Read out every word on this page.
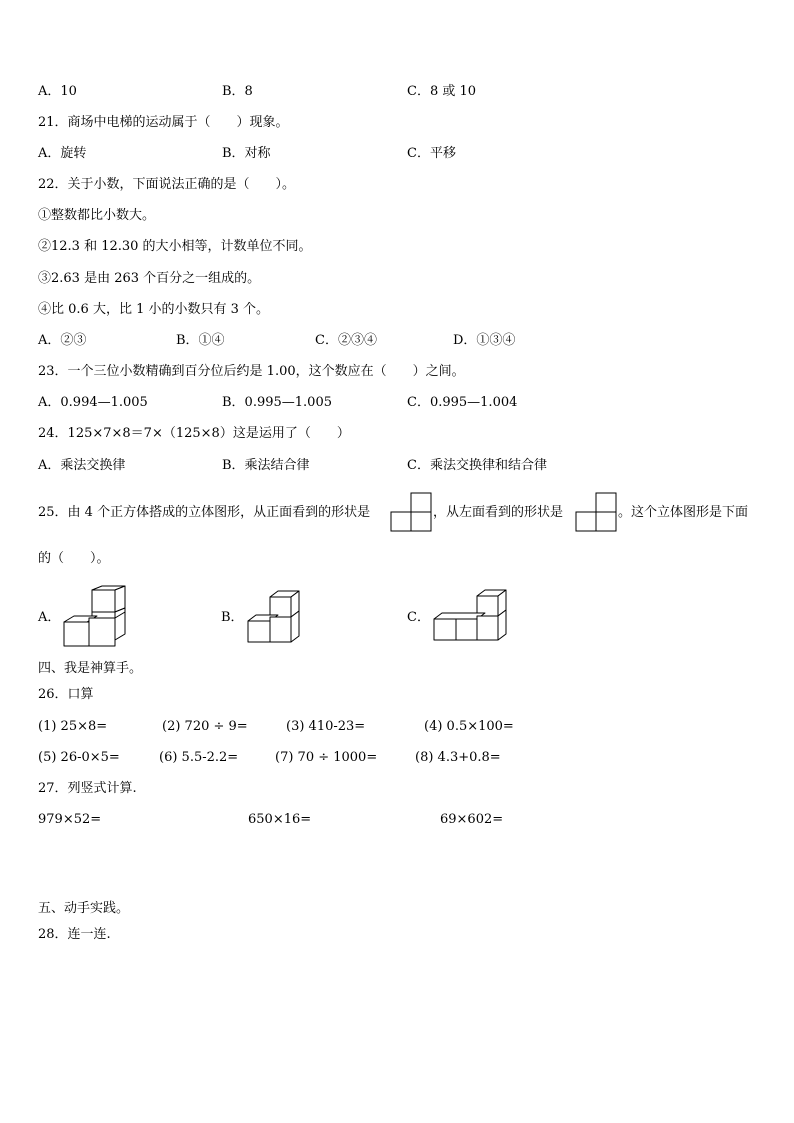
A．10	B．8	C．8 或 10
21．商场中电梯的运动属于（　　）现象。
A．旋转	B．对称	C．平移
22．关于小数，下面说法正确的是（　　）。
①整数都比小数大。
②12.3 和 12.30 的大小相等，计数单位不同。
③2.63 是由 263 个百分之一组成的。
④比 0.6 大，比 1 小的小数只有 3 个。
A．②③	B．①④	C．②③④	D．①③④
23．一个三位小数精确到百分位后约是 1.00，这个数应在（　　）之间。
A．0.994—1.005	B．0.995—1.005	C．0.995—1.004
24．125×7×8＝7×（125×8）这是运用了（　　）
A．乘法交换律	B．乘法结合律	C．乘法交换律和结合律
25．由 4 个正方体搭成的立体图形，从正面看到的形状是	，从左面看到的形状是	。这个立体图形是下面
的（　　）。
A．	B．	C．
四、我是神算手。
26．口算
(1) 25×8=	(2) 720 ÷ 9=	(3) 410-23=	(4) 0.5×100=
(5) 26-0×5=	(6) 5.5-2.2=	(7) 70 ÷ 1000=	(8) 4.3+0.8=
27．列竖式计算.
979×52=	650×16=	69×602=
五、动手实践。
28．连一连.
